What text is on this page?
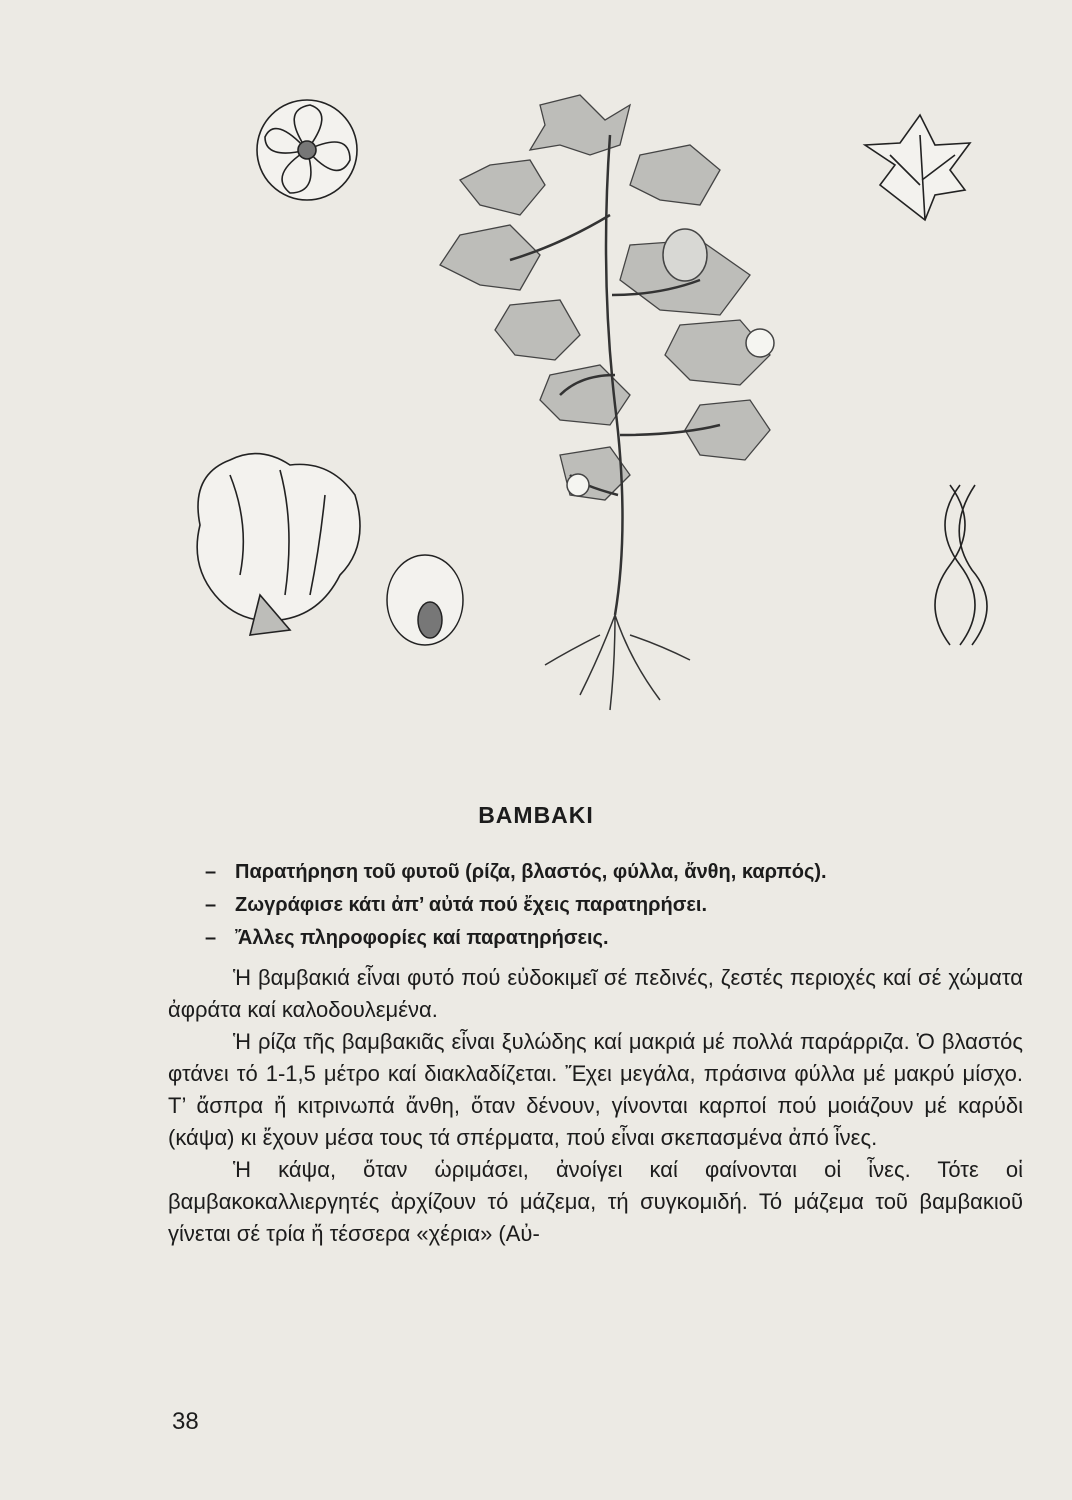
ΒΑΜΒΑΚΙ
– Παρατήρηση τοῦ φυτοῦ (ρίζα, βλαστός, φύλλα, ἄνθη, καρπός).
– Ζωγράφισε κάτι ἀπ’ αὐτά πού ἔχεις παρατηρήσει.
– Ἄλλες πληροφορίες καί παρατηρήσεις.

Ἡ βαμβακιά εἶναι φυτό πού εὐδοκιμεῖ σέ πεδινές, ζεστές περιοχές καί σέ χώματα ἀφράτα καί καλοδουλεμένα.

Ἡ ρίζα τῆς βαμβακιᾶς εἶναι ξυλώδης καί μακριά μέ πολλά παράρριζα. Ὁ βλαστός φτάνει τό 1-1,5 μέτρο καί διακλαδίζεται. Ἔχει μεγάλα, πράσινα φύλλα μέ μακρύ μίσχο. Τ’ ἄσπρα ἤ κιτρινωπά ἄνθη, ὅταν δένουν, γίνονται καρποί πού μοιάζουν μέ καρύδι (κάψα) κι ἔχουν μέσα τους τά σπέρματα, πού εἶναι σκεπασμένα ἀπό ἶνες.

Ἡ κάψα, ὅταν ὡριμάσει, ἀνοίγει καί φαίνονται οἱ ἶνες. Τότε οἱ βαμβακοκαλλιεργητές ἀρχίζουν τό μάζεμα, τή συγκομιδή. Τό μάζεμα τοῦ βαμβακιοῦ γίνεται σέ τρία ἤ τέσσερα «χέρια» (Αὐ-

38
